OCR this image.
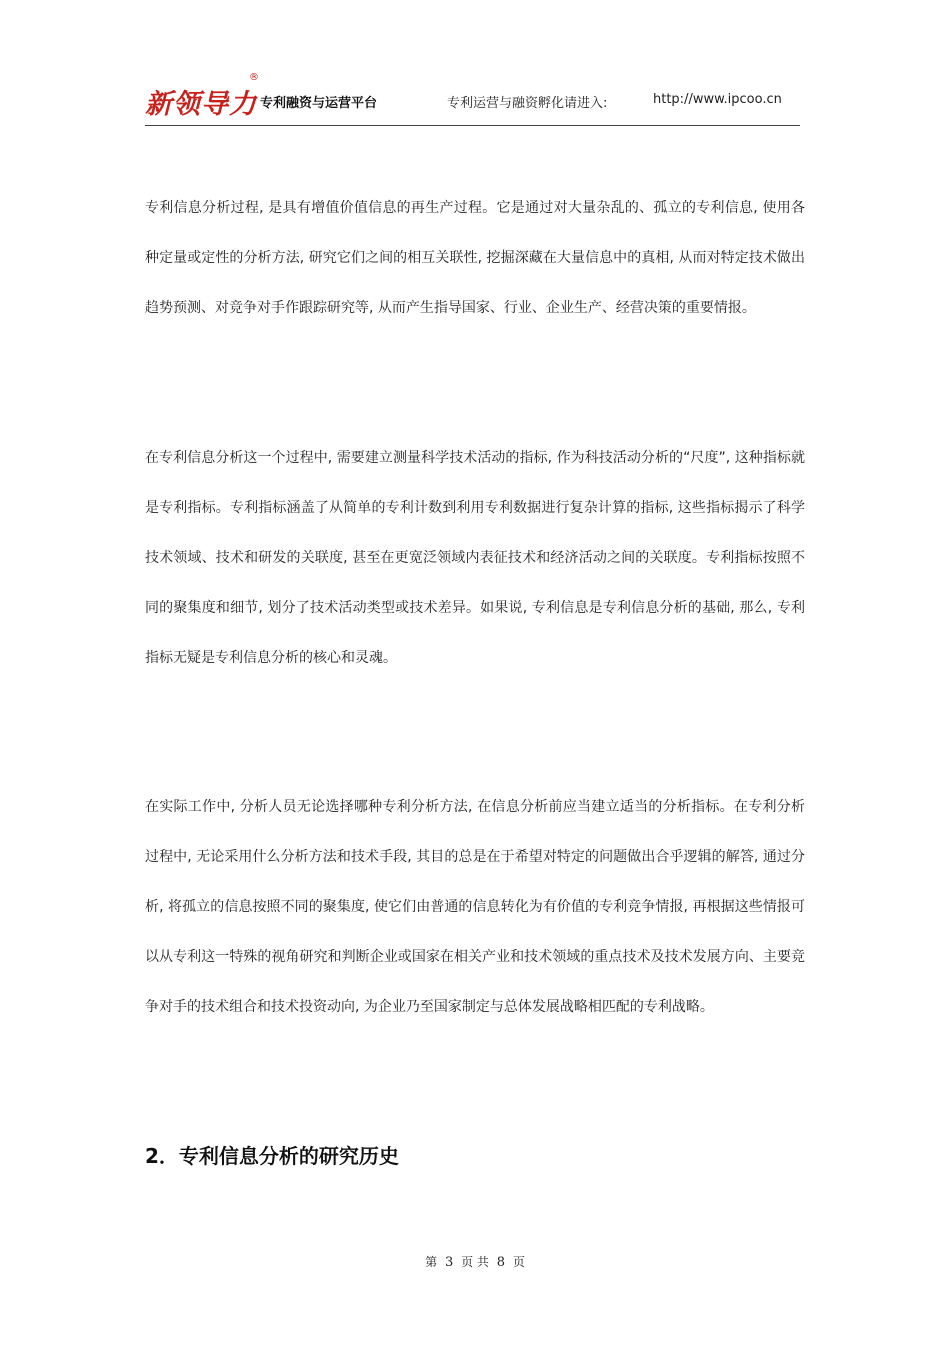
新领导力
®
专利融资与运营平台	专利运营与融资孵化请进入:	http://www.ipcoo.cn

专利信息分析过程, 是具有增值价值信息的再生产过程。它是通过对大量杂乱的、孤立的专利信息, 使用各种定量或定性的分析方法, 研究它们之间的相互关联性, 挖掘深藏在大量信息中的真相, 从而对特定技术做出趋势预测、对竞争对手作跟踪研究等, 从而产生指导国家、行业、企业生产、经营决策的重要情报。

在专利信息分析这一个过程中, 需要建立测量科学技术活动的指标, 作为科技活动分析的“尺度”, 这种指标就是专利指标。专利指标涵盖了从简单的专利计数到利用专利数据进行复杂计算的指标, 这些指标揭示了科学技术领域、技术和研发的关联度, 甚至在更宽泛领域内表征技术和经济活动之间的关联度。专利指标按照不同的聚集度和细节, 划分了技术活动类型或技术差异。如果说, 专利信息是专利信息分析的基础, 那么, 专利指标无疑是专利信息分析的核心和灵魂。

在实际工作中, 分析人员无论选择哪种专利分析方法, 在信息分析前应当建立适当的分析指标。在专利分析过程中, 无论采用什么分析方法和技术手段, 其目的总是在于希望对特定的问题做出合乎逻辑的解答, 通过分析, 将孤立的信息按照不同的聚集度, 使它们由普通的信息转化为有价值的专利竞争情报, 再根据这些情报可以从专利这一特殊的视角研究和判断企业或国家在相关产业和技术领域的重点技术及技术发展方向、主要竞争对手的技术组合和技术投资动向, 为企业乃至国家制定与总体发展战略相匹配的专利战略。

2．专利信息分析的研究历史
第 3 页 共 8 页
